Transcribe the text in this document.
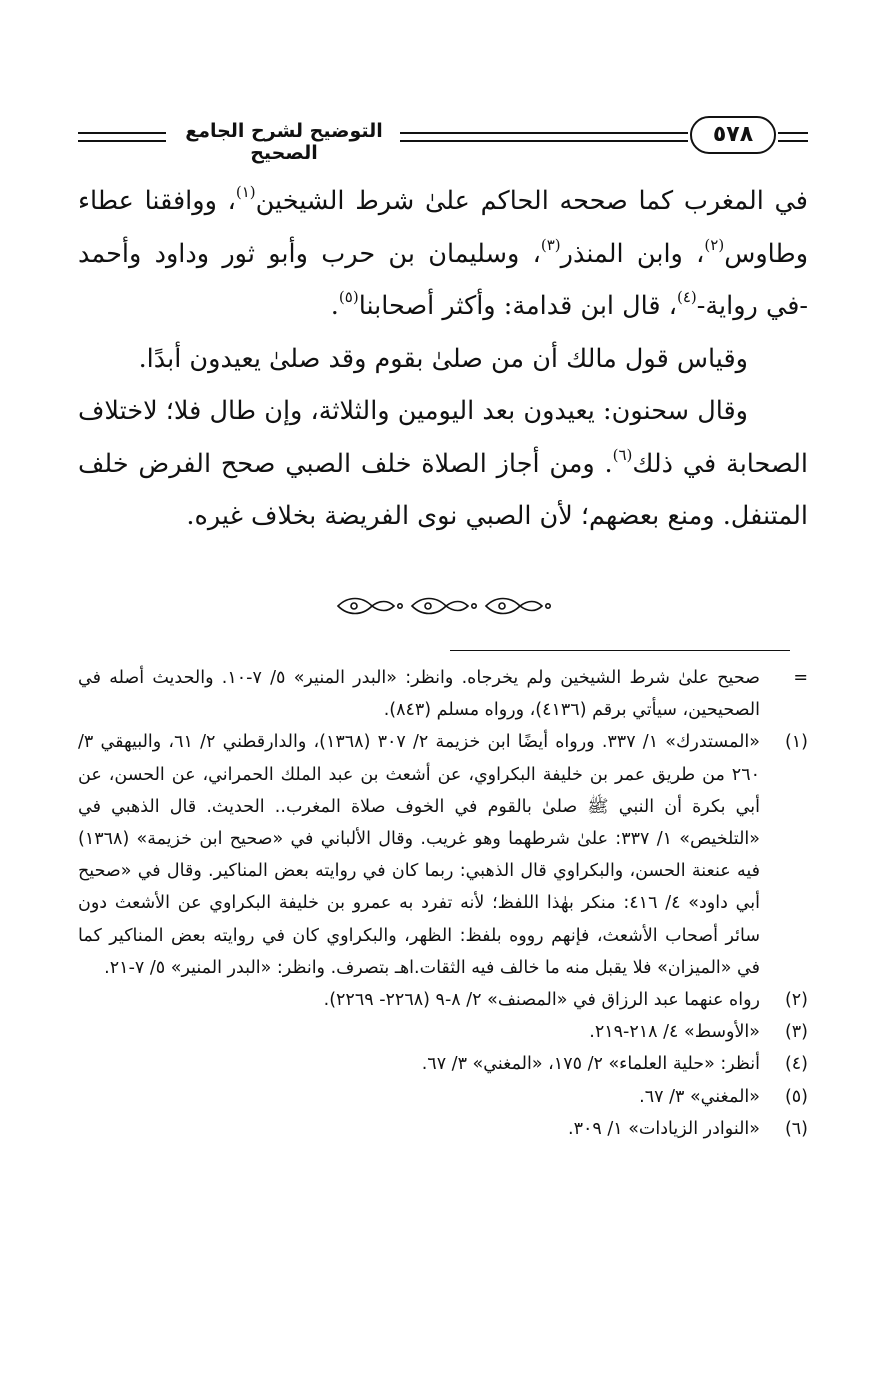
التوضيح لشرح الجامع الصحيح
٥٧٨

في المغرب كما صححه الحاكم علىٰ شرط الشيخين$^{(١)}$، ووافقنا عطاء وطاوس$^{(٢)}$، وابن المنذر$^{(٣)}$، وسليمان بن حرب وأبو ثور وداود وأحمد -في رواية-$^{(٤)}$، قال ابن قدامة: وأكثر أصحابنا$^{(٥)}$.

وقياس قول مالك أن من صلىٰ بقوم وقد صلىٰ يعيدون أبدًا.

وقال سحنون: يعيدون بعد اليومين والثلاثة، وإن طال فلا؛ لاختلاف الصحابة في ذلك$^{(٦)}$. ومن أجاز الصلاة خلف الصبي صحح الفرض خلف المتنفل. ومنع بعضهم؛ لأن الصبي نوى الفريضة بخلاف غيره.

=
صحيح علىٰ شرط الشيخين ولم يخرجاه. وانظر: «البدر المنير» ٥/ ٧-١٠. والحديث أصله في الصحيحين، سيأتي برقم (٤١٣٦)، ورواه مسلم (٨٤٣).
(١)
«المستدرك» ١/ ٣٣٧. ورواه أيضًا ابن خزيمة ٢/ ٣٠٧ (١٣٦٨)، والدارقطني ٢/ ٦١، والبيهقي ٣/ ٢٦٠ من طريق عمر بن خليفة البكراوي، عن أشعث بن عبد الملك الحمراني، عن الحسن، عن أبي بكرة أن النبي ﷺ صلىٰ بالقوم في الخوف صلاة المغرب.. الحديث. قال الذهبي في «التلخيص» ١/ ٣٣٧: علىٰ شرطهما وهو غريب. وقال الألباني في «صحيح ابن خزيمة» (١٣٦٨) فيه عنعنة الحسن، والبكراوي قال الذهبي: ربما كان في روايته بعض المناكير. وقال في «صحيح أبي داود» ٤/ ٤١٦: منكر بهٰذا اللفظ؛ لأنه تفرد به عمرو بن خليفة البكراوي عن الأشعث دون سائر أصحاب الأشعث، فإنهم رووه بلفظ: الظهر، والبكراوي كان في روايته بعض المناكير كما في «الميزان» فلا يقبل منه ما خالف فيه الثقات.اهـ بتصرف. وانظر: «البدر المنير» ٥/ ٧-٢١.
(٢)
رواه عنهما عبد الرزاق في «المصنف» ٢/ ٨-٩ (٢٢٦٨- ٢٢٦٩).
(٣)
«الأوسط» ٤/ ٢١٨-٢١٩.
(٤)
أنظر: «حلية العلماء» ٢/ ١٧٥، «المغني» ٣/ ٦٧.
(٥)
«المغني» ٣/ ٦٧.
(٦)
«النوادر الزيادات» ١/ ٣٠٩.
